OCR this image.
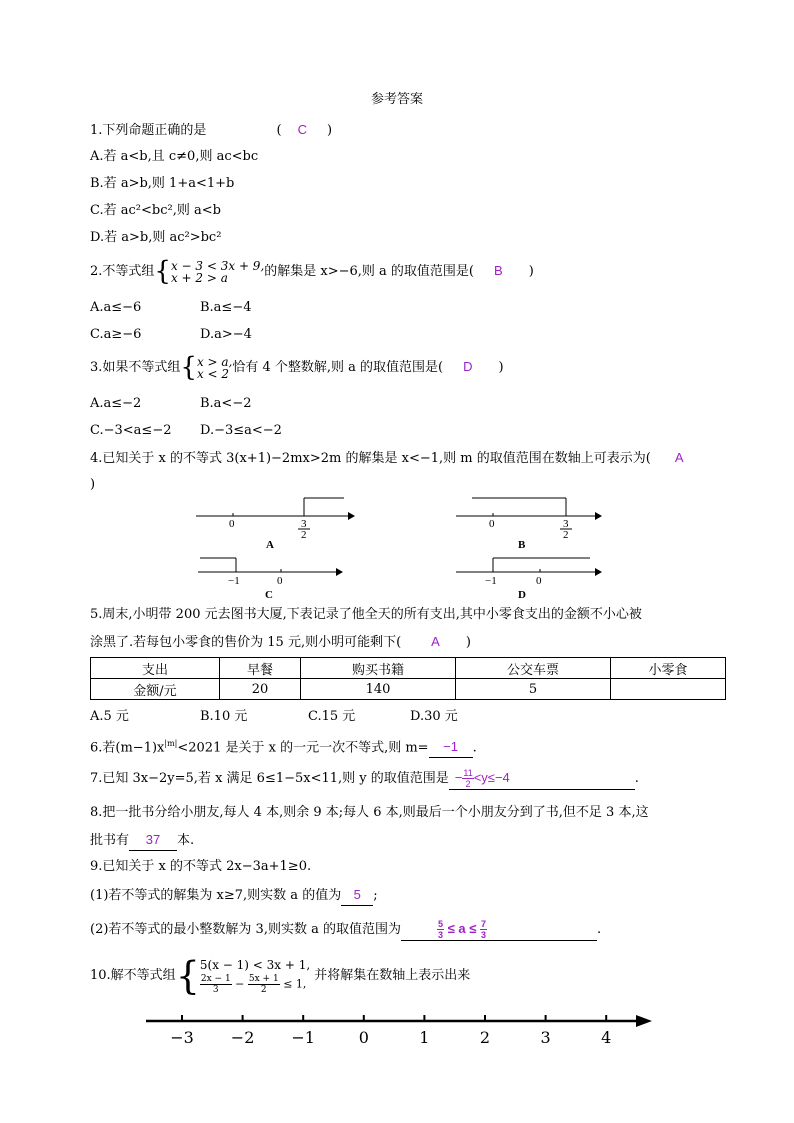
参考答案
1.下列命题正确的是	( C )
A.若 a<b,且 c≠0,则 ac<bc
B.若 a>b,则 1+a<1+b
C.若 ac²<bc²,则 a<b
D.若 a>b,则 ac²>bc²
2.不等式组{ x − 3 < 3x + 9,
x + 2 > a	的解集是 x>−6,则 a 的取值范围是( B )
A.a≤−6	B.a≤−4
C.a≥−6	D.a>−4
3.如果不等式组{ x > a,
x < 2 恰有 4 个整数解,则 a 的取值范围是( D )
A.a≤−2	B.a<−2
C.−3<a≤−2 D.−3≤a<−2
4.已知关于 x 的不等式 3(x+1)−2mx>2m 的解集是 x<−1,则 m 的取值范围在数轴上可表示为( A
)
0	3
2
A
0	3
2
B
−1	0
C
−1	0
D
5.周末,小明带 200 元去图书大厦,下表记录了他全天的所有支出,其中小零食支出的金额不小心被
涂黑了.若每包小零食的售价为 15 元,则小明可能剩下( A )
支出	早餐	购买书籍	公交车票	小零食
金额/元	20	140	5	
A.5 元	B.10 元	C.15 元	D.30 元
6.若$(m-1)x^{|m|}<2021$ 是关于 x 的一元一次不等式,则 m= −1 .
7.已知 3x−2y=5,若 x 满足 6≤1−5x<11,则 y 的取值范围是 − $\frac{11}{2}<y\le-4$	.
8.把一批书分给小朋友,每人 4 本,则余 9 本;每人 6 本,则最后一个小朋友分到了书,但不足 3 本,这
批书有 37 本.
9.已知关于 x 的不等式 2x−3a+1≥0.
(1)若不等式的解集为 x≥7,则实数 a 的值为 5 ;
(2)若不等式的最小整数解为 3,则实数 a 的取值范围为	$\frac{5}{3} \le a \le \frac{7}{3}$	.
10.解不等式组{ 5(x − 1) < 3x + 1,
$\frac{2x - 1}{3} - \frac{5x + 1}{2} \le 1$,
并将解集在数轴上表示出来
−3 −2 −1	0	1	2	3	4
